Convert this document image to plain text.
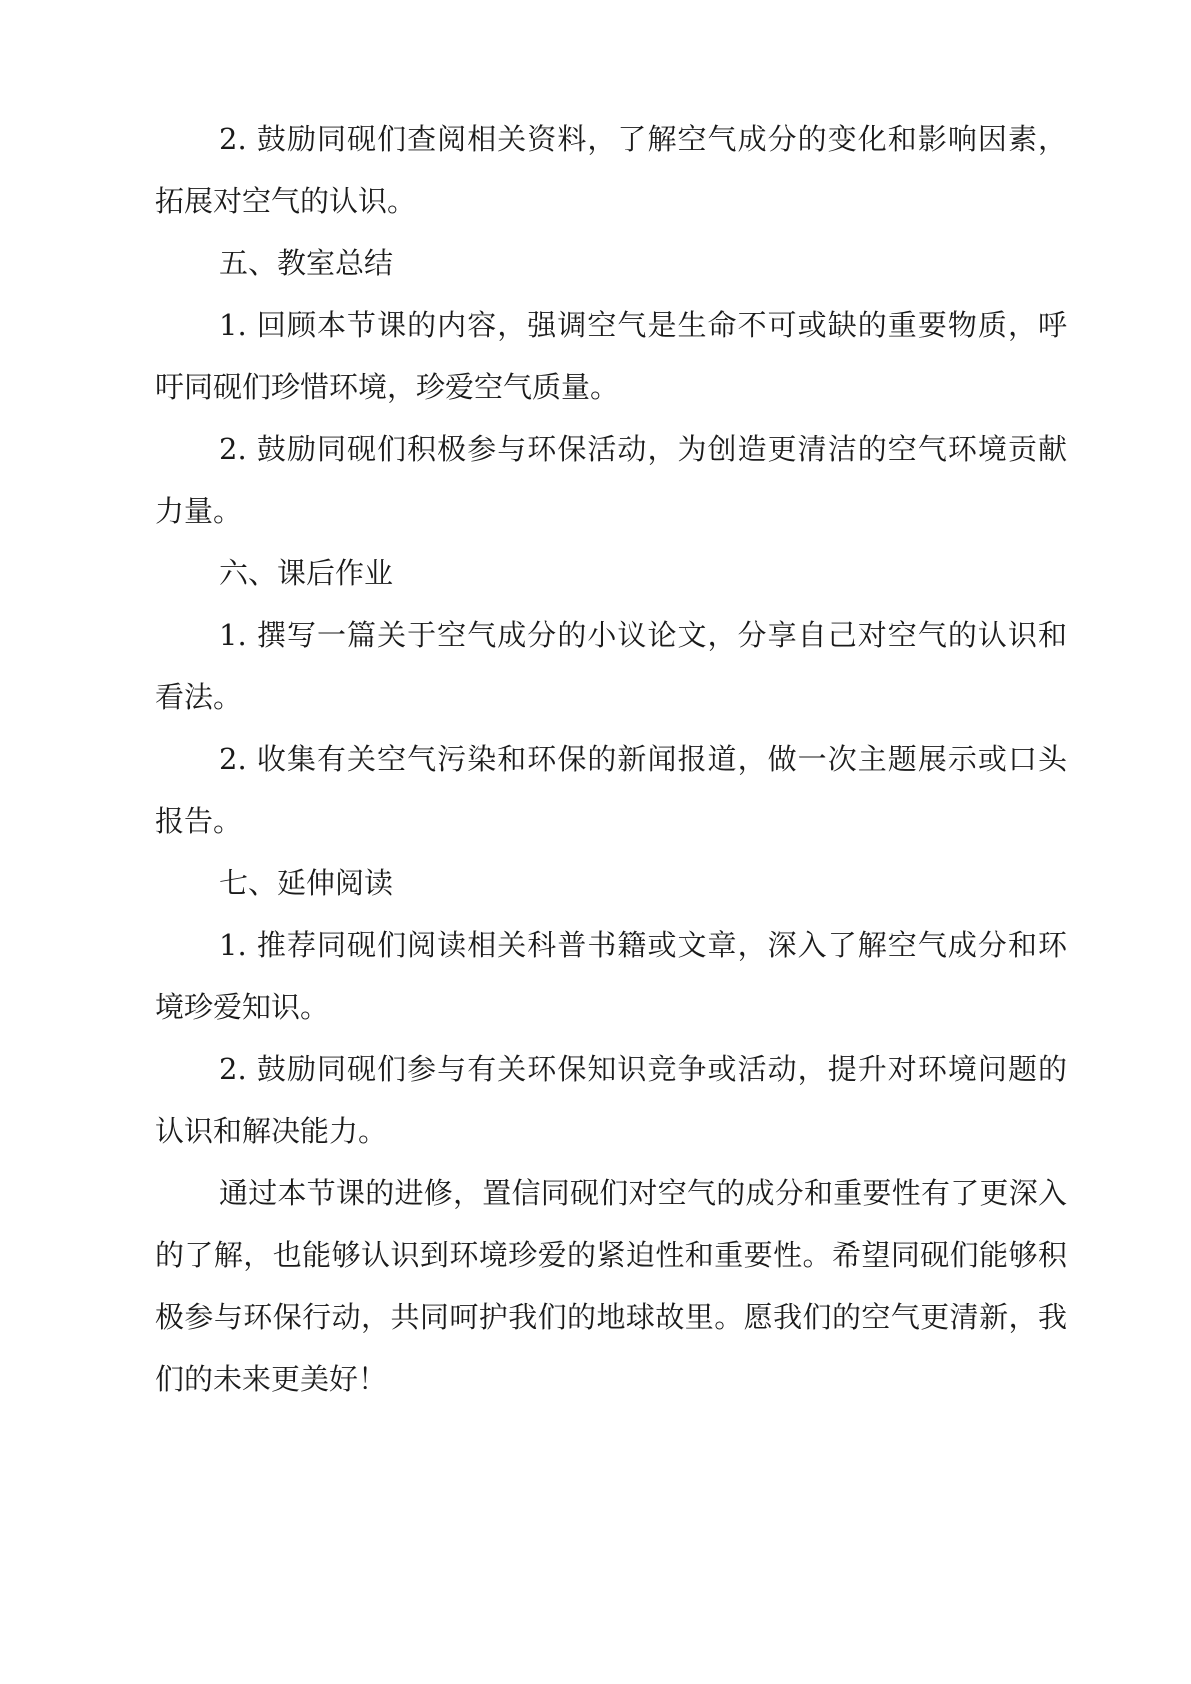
2. 鼓励同砚们查阅相关资料，了解空气成分的变化和影响因素，拓展对空气的认识。

五、教室总结

1. 回顾本节课的内容，强调空气是生命不可或缺的重要物质，呼吁同砚们珍惜环境，珍爱空气质量。

2. 鼓励同砚们积极参与环保活动，为创造更清洁的空气环境贡献力量。

六、课后作业

1. 撰写一篇关于空气成分的小议论文，分享自己对空气的认识和看法。

2. 收集有关空气污染和环保的新闻报道，做一次主题展示或口头报告。

七、延伸阅读

1. 推荐同砚们阅读相关科普书籍或文章，深入了解空气成分和环境珍爱知识。

2. 鼓励同砚们参与有关环保知识竞争或活动，提升对环境问题的认识和解决能力。

通过本节课的进修，置信同砚们对空气的成分和重要性有了更深入的了解，也能够认识到环境珍爱的紧迫性和重要性。希望同砚们能够积极参与环保行动，共同呵护我们的地球故里。愿我们的空气更清新，我们的未来更美好！
